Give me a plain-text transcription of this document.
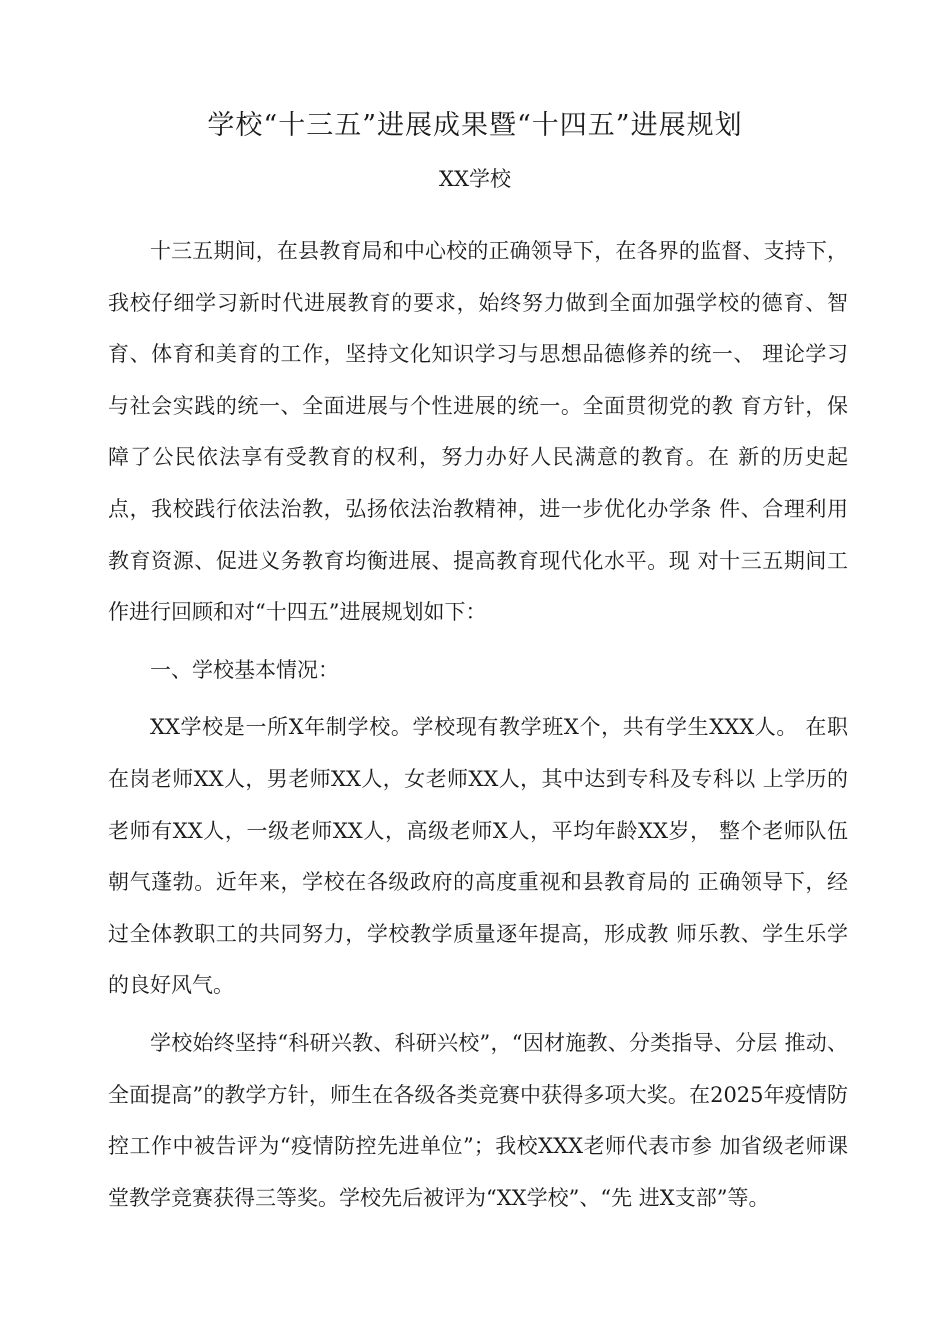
学校“十三五”进展成果暨“十四五”进展规划
XX学校

十三五期间，在县教育局和中心校的正确领导下，在各界的监督、支持下，我校仔细学习新时代进展教育的要求，始终努力做到全面加强学校的德育、智育、体育和美育的工作，坚持文化知识学习与思想品德修养的统一、 理论学习与社会实践的统一、全面进展与个性进展的统一。全面贯彻党的教 育方针，保障了公民依法享有受教育的权利，努力办好人民满意的教育。在 新的历史起点，我校践行依法治教，弘扬依法治教精神，进一步优化办学条 件、合理利用教育资源、促进义务教育均衡进展、提高教育现代化水平。现 对十三五期间工作进行回顾和对“十四五”进展规划如下：

一、学校基本情况：

XX学校是一所X年制学校。学校现有教学班X个，共有学生XXX人。 在职在岗老师XX人，男老师XX人，女老师XX人，其中达到专科及专科以 上学历的老师有XX人，一级老师XX人，高级老师X人，平均年龄XX岁， 整个老师队伍朝气蓬勃。近年来，学校在各级政府的高度重视和县教育局的 正确领导下，经过全体教职工的共同努力，学校教学质量逐年提高，形成教 师乐教、学生乐学的良好风气。

学校始终坚持“科研兴教、科研兴校”，“因材施教、分类指导、分层 推动、全面提高”的教学方针，师生在各级各类竞赛中获得多项大奖。在2025年疫情防控工作中被告评为“疫情防控先进单位”；我校XXX老师代表市参 加省级老师课堂教学竞赛获得三等奖。学校先后被评为“XX学校”、“先 进X支部”等。
